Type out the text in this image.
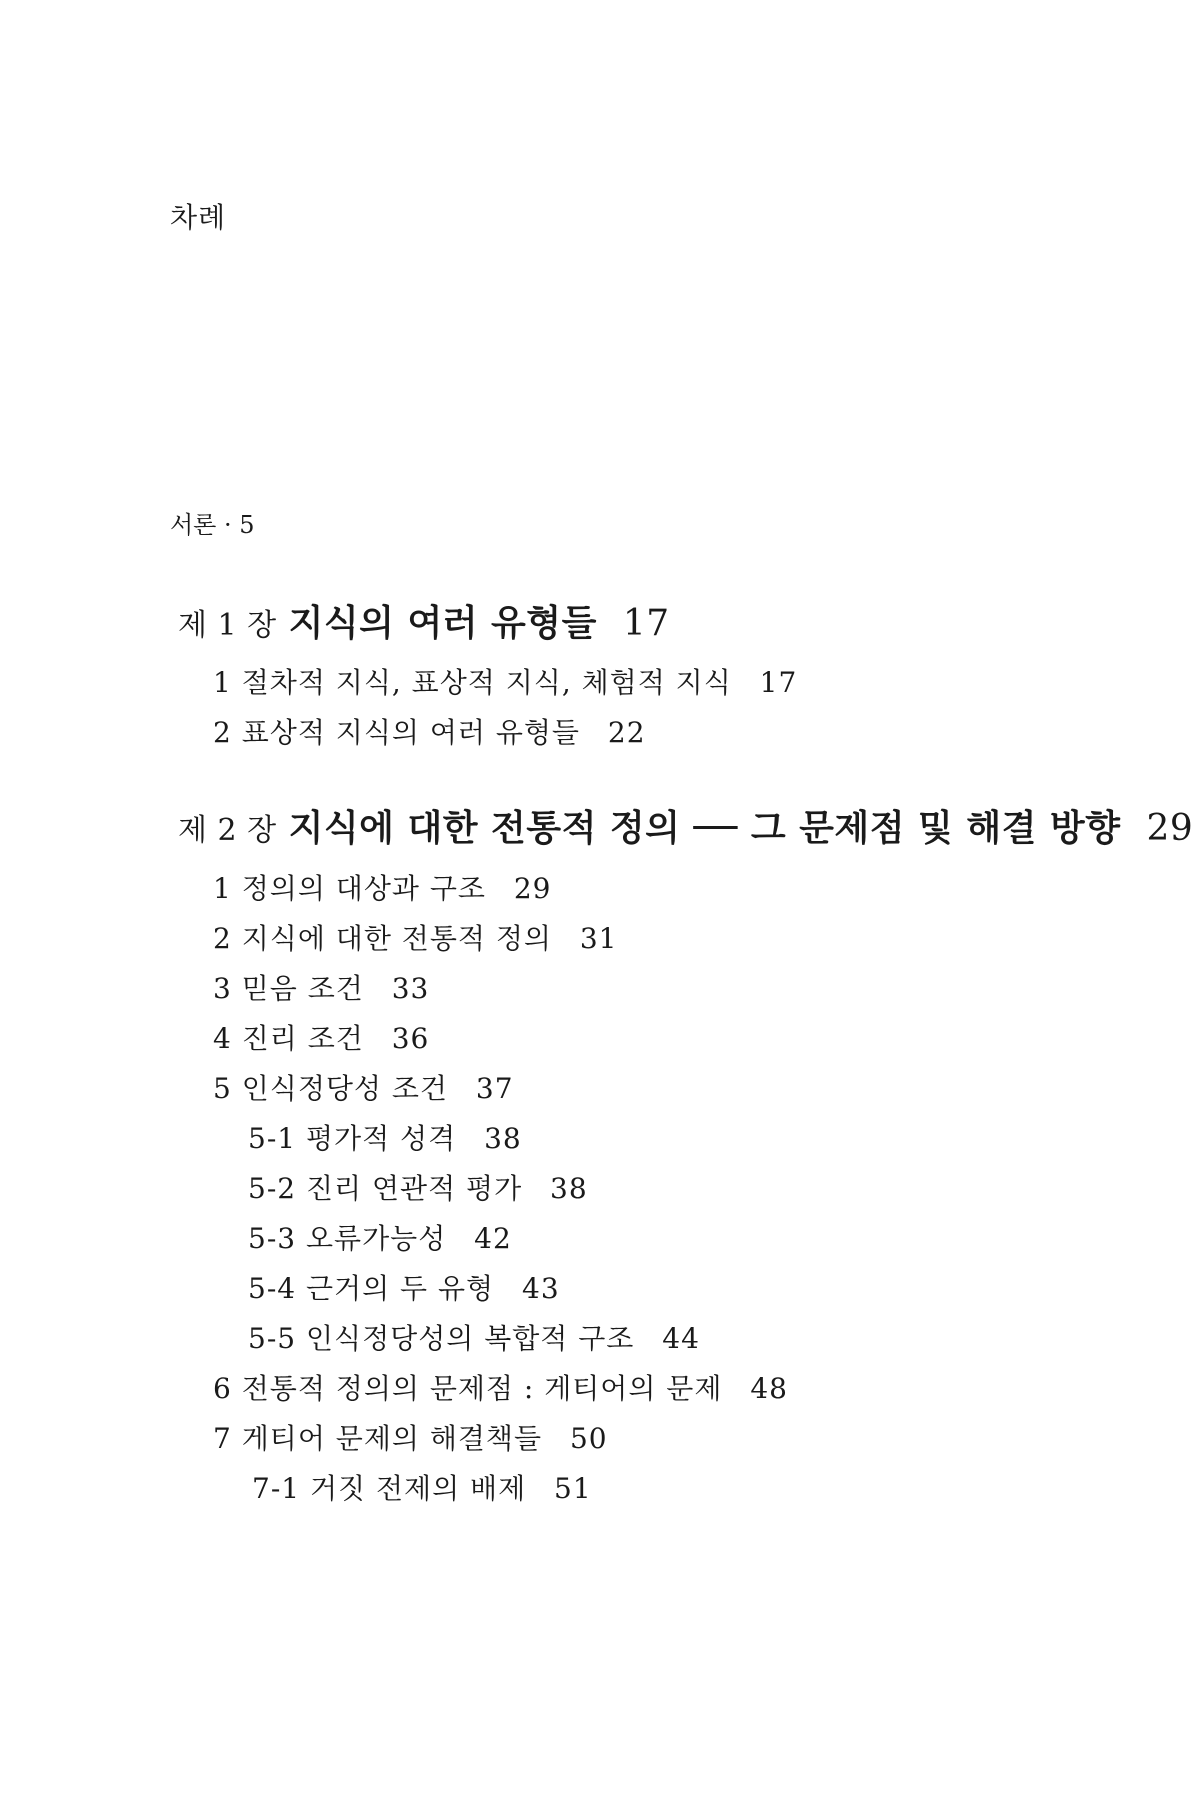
차례
서론 · 5
제 1 장 지식의 여러 유형들 17
1 절차적 지식, 표상적 지식, 체험적 지식 17
2 표상적 지식의 여러 유형들 22
제 2 장 지식에 대한 전통적 정의 ── 그 문제점 및 해결 방향 29
1 정의의 대상과 구조 29
2 지식에 대한 전통적 정의 31
3 믿음 조건 33
4 진리 조건 36
5 인식정당성 조건 37
5-1 평가적 성격 38
5-2 진리 연관적 평가 38
5-3 오류가능성 42
5-4 근거의 두 유형 43
5-5 인식정당성의 복합적 구조 44
6 전통적 정의의 문제점 : 게티어의 문제 48
7 게티어 문제의 해결책들 50
7-1 거짓 전제의 배제 51
